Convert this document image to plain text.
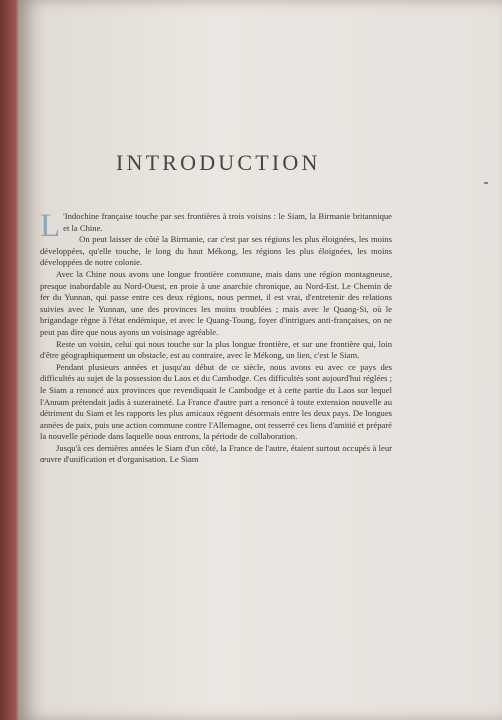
INTRODUCTION

L 'Indochine française touche par ses frontières à trois voisins : le Siam, la Birmanie britannique et la Chine.

On peut laisser de côté la Birmanie, car c'est par ses régions les plus éloignées, les moins développées, qu'elle touche, le long du haut Mékong, les régions les plus éloignées, les moins développées de notre colonie.

Avec la Chine nous avons une longue frontière commune, mais dans une région montagneuse, presque inabordable au Nord-Ouest, en proie à une anarchie chronique, au Nord-Est. Le Chemin de fer du Yunnan, qui passe entre ces deux régions, nous permet, il est vrai, d'entretenir des relations suivies avec le Yunnan, une des provinces les moins troublées ; mais avec le Quang-Si, où le brigandage règne à l'état endémique, et avec le Quang-Toung, foyer d'intrigues anti-françaises, on ne peut pas dire que nous ayons un voisinage agréable.

Reste un voisin, celui qui nous touche sur la plus longue frontière, et sur une frontière qui, loin d'être géographiquement un obstacle, est au contraire, avec le Mékong, un lien, c'est le Siam.

Pendant plusieurs années et jusqu'au début de ce siècle, nous avons eu avec ce pays des difficultés au sujet de la possession du Laos et du Cambodge. Ces difficultés sont aujourd'hui réglées ; le Siam a renoncé aux provinces que revendiquait le Cambodge et à cette partie du Laos sur lequel l'Annam prétendait jadis à suzeraineté. La France d'autre part a renoncé à toute extension nouvelle au détriment du Siam et les rapports les plus amicaux règnent désormais entre les deux pays. De longues années de paix, puis une action commune contre l'Allemagne, ont resserré ces liens d'amitié et préparé la nouvelle période dans laquelle nous entrons, la période de collaboration.

Jusqu'à ces dernières années le Siam d'un côté, la France de l'autre, étaient surtout occupés à leur œuvre d'unification et d'organisation. Le Siam
